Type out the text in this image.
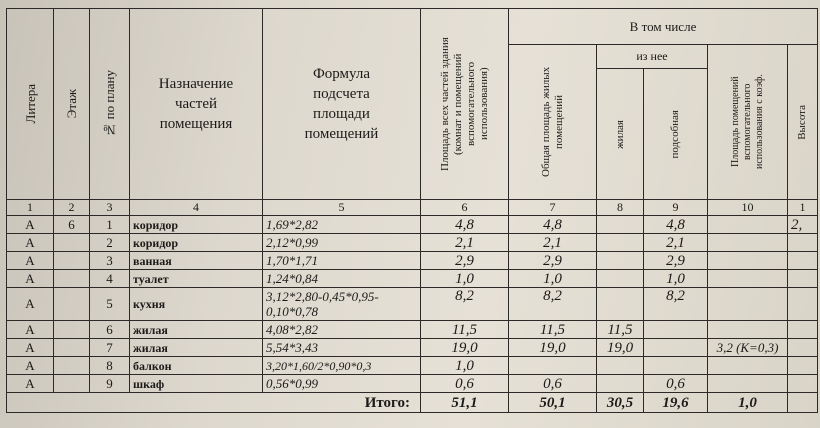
Литера	Этаж	№ по плану	Назначение частей помещения	Формула подсчета площади помещений	Площадь всех частей здания (комнат и помещений вспомогательного использования)	В том числе				

						Общая площадь жилых помещений	из нее		Площадь помещений вспомогательного использования с коэф.	Высота

							жилая	подсобная		

1	2	3	4	5	6	7	8	9	10	1
А	6	1	коридор	1,69*2,82	4,8	4,8		4,8		2,
А		2	коридор	2,12*0,99	2,1	2,1		2,1		
А		3	ванная	1,70*1,71	2,9	2,9		2,9		
А		4	туалет	1,24*0,84	1,0	1,0		1,0		
А		5	кухня	3,12*2,80-0,45*0,95-
0,10*0,78	8,2	8,2		8,2		
А		6	жилая	4,08*2,82	11,5	11,5	11,5			
А		7	жилая	5,54*3,43	19,0	19,0	19,0		3,2 (К=0,3)	
А		8	балкон	3,20*1,60/2*0,90*0,3	1,0					
А		9	шкаф	0,56*0,99	0,6	0,6		0,6		
Итого:					51,1	50,1	30,5	19,6	1,0	
